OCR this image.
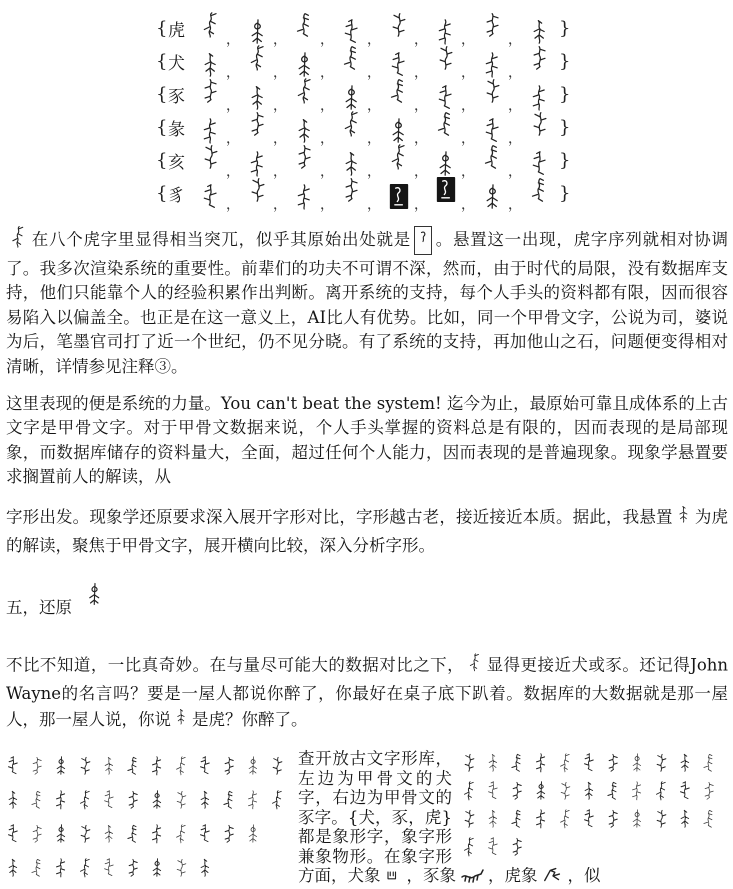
{ 虎	， ， ， ， ， ， ，
}
{ 犬	， ， ， ， ， ， ，
}
{ 豕	， ， ， ， ， ， ，
}
{ 彖	， ， ， ， ， ， ，
}
{ 亥	， ， ， ， ， ， ，
}
{ 豸	， ， ， ， ， ， ，
}

在八个虎字里显得相当突兀，似乎其原始出处就是 。悬置这一出现，虎字序列就相对协调了。我多次渲染系统的重要性。前辈们的功夫不可谓不深，然而，由于时代的局限，没有数据库支持，他们只能靠个人的经验积累作出判断。离开系统的支持，每个人手头的资料都有限，因而很容易陷入以偏盖全。也正是在这一意义上，AI比人有优势。比如，同一个甲骨文字，公说为司，婆说为后，笔墨官司打了近一个世纪，仍不见分晓。有了系统的支持，再加他山之石，问题便变得相对清晰，详情参见注释③。

这里表现的便是系统的力量。You can't beat the system! 迄今为止，最原始可靠且成体系的上古文字是甲骨文字。对于甲骨文数据来说，个人手头掌握的资料总是有限的，因而表现的是局部现象，而数据库储存的资料量大，全面，超过任何个人能力，因而表现的是普遍现象。现象学悬置要求搁置前人的解读，从

字形出发。现象学还原要求深入展开字形对比，字形越古老，接近接近本质。据此，我悬置 为虎的解读，聚焦于甲骨文字，展开横向比较，深入分析字形。

五，还原

不比不知道，一比真奇妙。在与量尽可能大的数据对比之下， 显得更接近犬或豕。还记得John Wayne的名言吗？要是一屋人都说你醉了，你最好在桌子底下趴着。数据库的大数据就是那一屋人，那一屋人说，你说 是虎？你醉了。

查开放古文字形库，左边为甲骨文的犬字，右边为甲骨文的豕字。{犬，豕，虎}都是象形字，象字形兼象物形。在象字形方面，犬象 ，豕象 ，虎象 ，似
